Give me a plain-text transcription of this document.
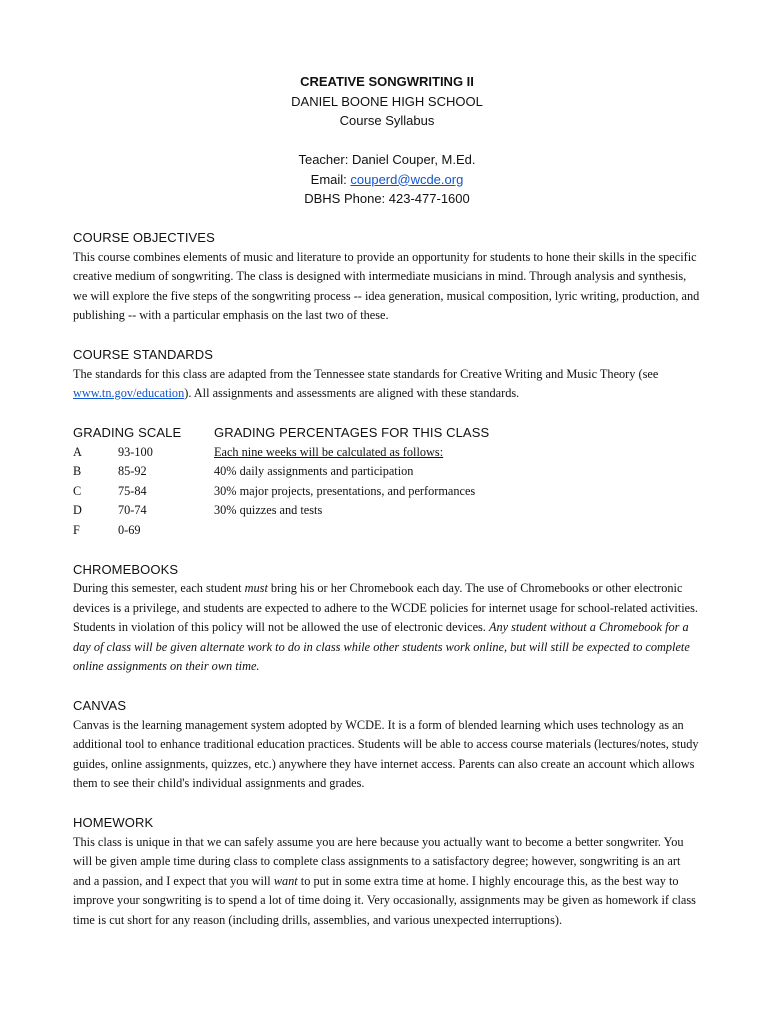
CREATIVE SONGWRITING II
DANIEL BOONE HIGH SCHOOL
Course Syllabus
Teacher: Daniel Couper, M.Ed.
Email: couperd@wcde.org
DBHS Phone: 423-477-1600
COURSE OBJECTIVES
This course combines elements of music and literature to provide an opportunity for students to hone their skills in the specific creative medium of songwriting. The class is designed with intermediate musicians in mind. Through analysis and synthesis, we will explore the five steps of the songwriting process -- idea generation, musical composition, lyric writing, production, and publishing -- with a particular emphasis on the last two of these.
COURSE STANDARDS
The standards for this class are adapted from the Tennessee state standards for Creative Writing and Music Theory (see www.tn.gov/education). All assignments and assessments are aligned with these standards.
GRADING SCALE
A	93-100
B	85-92
C	75-84
D	70-74
F	0-69
GRADING PERCENTAGES FOR THIS CLASS
Each nine weeks will be calculated as follows:
40% daily assignments and participation
30% major projects, presentations, and performances
30% quizzes and tests
CHROMEBOOKS
During this semester, each student must bring his or her Chromebook each day. The use of Chromebooks or other electronic devices is a privilege, and students are expected to adhere to the WCDE policies for internet usage for school-related activities. Students in violation of this policy will not be allowed the use of electronic devices. Any student without a Chromebook for a day of class will be given alternate work to do in class while other students work online, but will still be expected to complete online assignments on their own time.
CANVAS
Canvas is the learning management system adopted by WCDE. It is a form of blended learning which uses technology as an additional tool to enhance traditional education practices. Students will be able to access course materials (lectures/notes, study guides, online assignments, quizzes, etc.) anywhere they have internet access. Parents can also create an account which allows them to see their child's individual assignments and grades.
HOMEWORK
This class is unique in that we can safely assume you are here because you actually want to become a better songwriter. You will be given ample time during class to complete class assignments to a satisfactory degree; however, songwriting is an art and a passion, and I expect that you will want to put in some extra time at home. I highly encourage this, as the best way to improve your songwriting is to spend a lot of time doing it. Very occasionally, assignments may be given as homework if class time is cut short for any reason (including drills, assemblies, and various unexpected interruptions).
